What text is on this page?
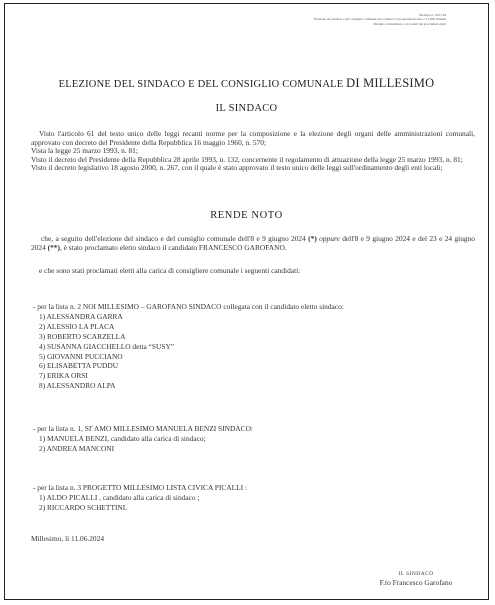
Modello n. 165 CM
Elezione del sindaco e del consiglio comunale nei comuni con popolazione sino a 15.000 abitanti
Modello di manifesto con i nomi dei proclamati eletti
ELEZIONE DEL SINDACO E DEL CONSIGLIO COMUNALE DI MILLESIMO
IL SINDACO

Visto l'articolo 61 del testo unico delle leggi recanti norme per la composizione e la elezione degli organi delle amministrazioni comunali, approvato con decreto del Presidente della Repubblica 16 maggio 1960, n. 570;

Vista la legge 25 marzo 1993, n. 81;

Visto il decreto del Presidente della Repubblica 28 aprile 1993, n. 132, concernente il regolamento di attuazione della legge 25 marzo 1993, n. 81;

Visto il decreto legislativo 18 agosto 2000, n. 267, con il quale è stato approvato il testo unico delle leggi sull'ordinamento degli enti locali;

RENDE NOTO
che, a seguito dell'elezione del sindaco e del consiglio comunale dell'8 e 9 giugno 2024 (*) oppure dell'8 e 9 giugno 2024 e del 23 e 24 giugno 2024 (**), è stato proclamato eletto sindaco il candidato FRANCESCO GAROFANO.
e che sono stati proclamati eletti alla carica di consigliere comunale i seguenti candidati:
- per la lista n. 2 NOI MILLESIMO – GAROFANO SINDACO collegata con il candidato eletto sindaco:
1) ALESSANDRA GARRA
2) ALESSIO LA PLACA
3) ROBERTO SCARZELLA
4) SUSANNA GIACCHELLO detta “SUSY”
5) GIOVANNI PUCCIANO
6) ELISABETTA PUDDU
7) ERIKA ORSI
8) ALESSANDRO ALPA
- per la lista n. 1, SI' AMO MILLESIMO MANUELA BENZI SINDACO:
1) MANUELA BENZI, candidato alla carica di sindaco;
2) ANDREA MANCONI
- per la lista n. 3 PROGETTO MILLESIMO LISTA CIVICA PICALLI :
1) ALDO PICALLI , candidato alla carica di sindaco ;
2) RICCARDO SCHETTINI.
Millesimo, li 11.06.2024
IL SINDACO
F.to Francesco Garofano
